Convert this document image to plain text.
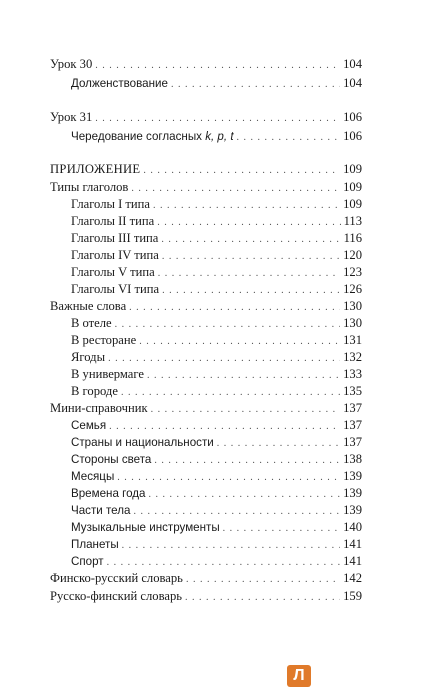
Урок 30 . . .	104
Долженствование . . .	104
Урок 31 . . .	106
Чередование согласных k, p, t . . .	106
ПРИЛОЖЕНИЕ . . .	109
Типы глаголов . . .	109
Глаголы I типа . . .	109
Глаголы II типа . . .	113
Глаголы III типа . . .	116
Глаголы IV типа . . .	120
Глаголы V типа . . .	123
Глаголы VI типа . . .	126
Важные слова . . .	130
В отеле . . .	130
В ресторане . . .	131
Ягоды . . .	132
В универмаге . . .	133
В городе . . .	135
Мини-справочник . . .	137
Семья . . .	137
Страны и национальности . . .	137
Стороны света . . .	138
Месяцы . . .	139
Времена года . . .	139
Части тела . . .	139
Музыкальные инструменты . . .	140
Планеты . . .	141
Спорт . . .	141
Финско-русский словарь . . .	142
Русско-финский словарь . . .	159
Л
